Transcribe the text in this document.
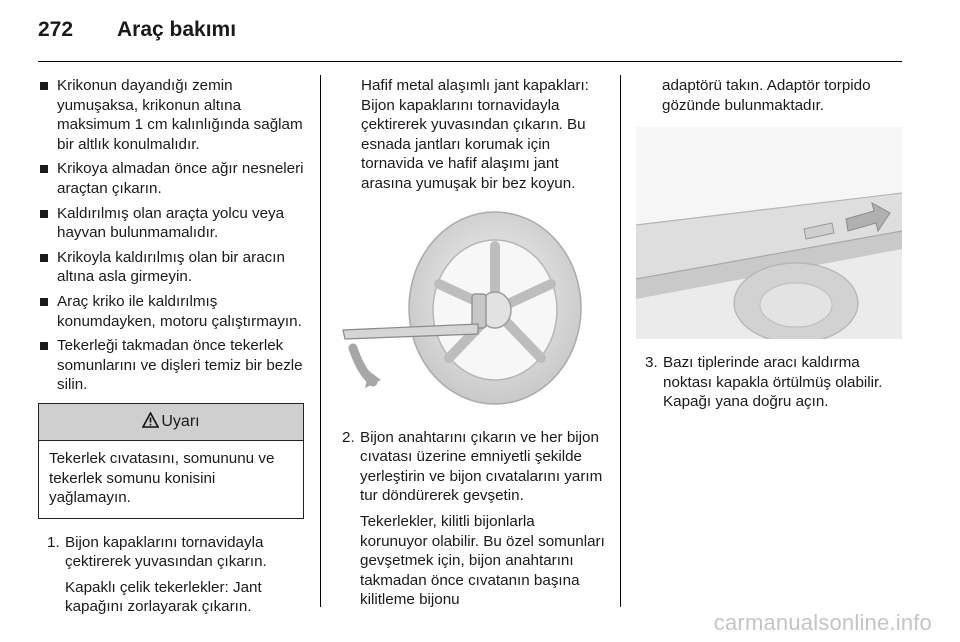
272 Araç bakımı
Krikonun dayandığı zemin yumuşaksa, krikonun altına maksimum 1 cm kalınlığında sağlam bir altlık konulmalıdır.
Krikoya almadan önce ağır nesneleri araçtan çıkarın.
Kaldırılmış olan araçta yolcu veya hayvan bulunmamalıdır.
Krikoyla kaldırılmış olan bir aracın altına asla girmeyin.
Araç kriko ile kaldırılmış konumdayken, motoru çalıştırmayın.
Tekerleği takmadan önce tekerlek somunlarını ve dişleri temiz bir bezle silin.
Uyarı
Tekerlek cıvatasını, somununu ve tekerlek somunu konisini yağlamayın.
1. Bijon kapaklarını tornavidayla çektirerek yuvasından çıkarın.

Kapaklı çelik tekerlekler: Jant kapağını zorlayarak çıkarın.

Hafif metal alaşımlı jant kapakları: Bijon kapaklarını tornavidayla çektirerek yuvasından çıkarın. Bu esnada jantları korumak için tornavida ve hafif alaşımı jant arasına yumuşak bir bez koyun.
2. Bijon anahtarını çıkarın ve her bijon cıvatası üzerine emniyetli şekilde yerleştirin ve bijon cıvatalarını yarım tur döndürerek gevşetin.

Tekerlekler, kilitli bijonlarla korunuyor olabilir. Bu özel somunları gevşetmek için, bijon anahtarını takmadan önce cıvatanın başına kilitleme bijonu

adaptörü takın. Adaptör torpido gözünde bulunmaktadır.
3. Bazı tiplerinde aracı kaldırma noktası kapakla örtülmüş olabilir. Kapağı yana doğru açın.

carmanualsonline.info
